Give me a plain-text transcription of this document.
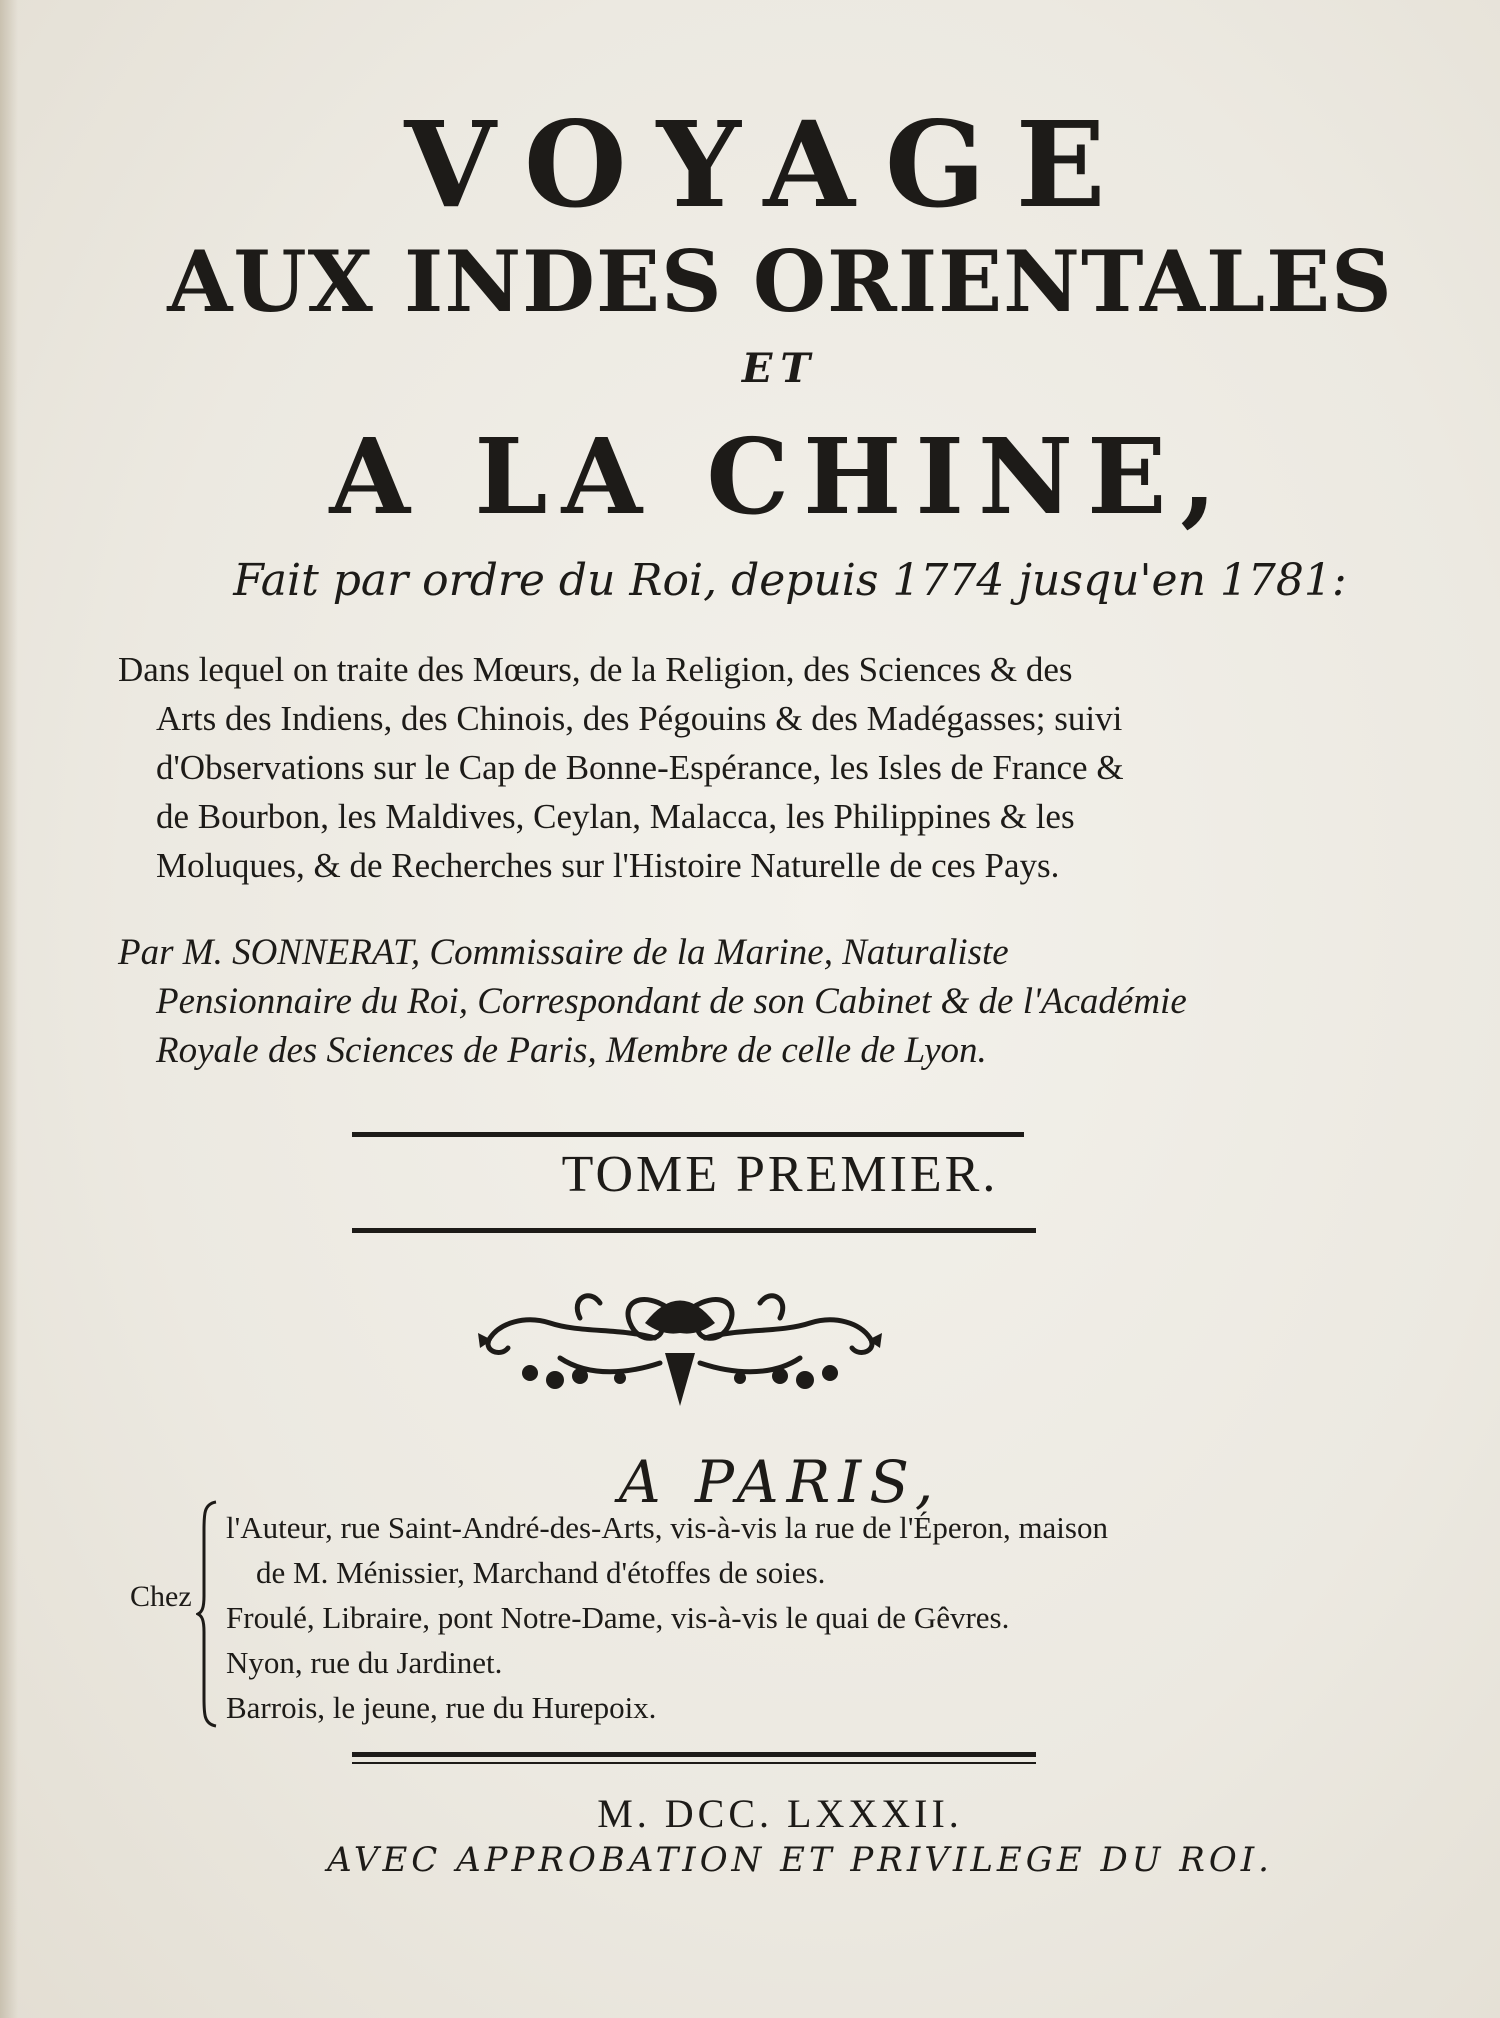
VOYAGE
AUX INDES ORIENTALES
ET
A LA CHINE,
Fait par ordre du Roi, depuis 1774 jusqu'en 1781:
Dans lequel on traite des Mœurs, de la Religion, des Sciences & des
Arts des Indiens, des Chinois, des Pégouins & des Madégasses; suivi
d'Observations sur le Cap de Bonne-Espérance, les Isles de France &
de Bourbon, les Maldives, Ceylan, Malacca, les Philippines & les
Moluques, & de Recherches sur l'Histoire Naturelle de ces Pays.
Par M. SONNERAT, Commissaire de la Marine, Naturaliste
Pensionnaire du Roi, Correspondant de son Cabinet & de l'Académie
Royale des Sciences de Paris, Membre de celle de Lyon.
TOME PREMIER.
A PARIS,
Chez
l'Auteur, rue Saint-André-des-Arts, vis-à-vis la rue de l'Éperon, maison
de M. Ménissier, Marchand d'étoffes de soies.
Froulé, Libraire, pont Notre-Dame, vis-à-vis le quai de Gêvres.
Nyon, rue du Jardinet.
Barrois, le jeune, rue du Hurepoix.
M. DCC. LXXXII.
AVEC APPROBATION ET PRIVILEGE DU ROI.
